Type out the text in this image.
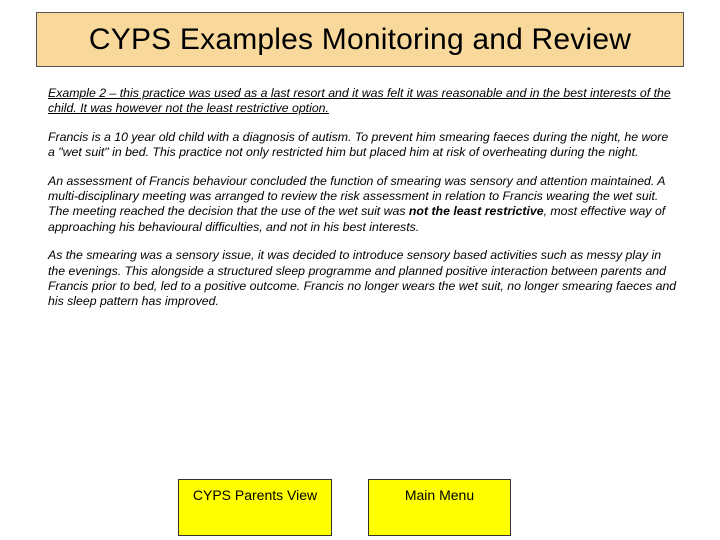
CYPS Examples Monitoring and Review

Example 2 – this practice was used as a last resort and it was felt it was reasonable and in the best interests of the child. It was however not the least restrictive option.

Francis is a 10 year old child with a diagnosis of autism. To prevent him smearing faeces during the night, he wore a "wet suit" in bed. This practice not only restricted him but placed him at risk of overheating during the night.

An assessment of Francis behaviour concluded the function of smearing was sensory and attention maintained. A multi-disciplinary meeting was arranged to review the risk assessment in relation to Francis wearing the wet suit. The meeting reached the decision that the use of the wet suit was not the least restrictive, most effective way of approaching his behavioural difficulties, and not in his best interests.

As the smearing was a sensory issue, it was decided to introduce sensory based activities such as messy play in the evenings. This alongside a structured sleep programme and planned positive interaction between parents and Francis prior to bed, led to a positive outcome. Francis no longer wears the wet suit, no longer smearing faeces and his sleep pattern has improved.

CYPS Parents View	Main Menu
